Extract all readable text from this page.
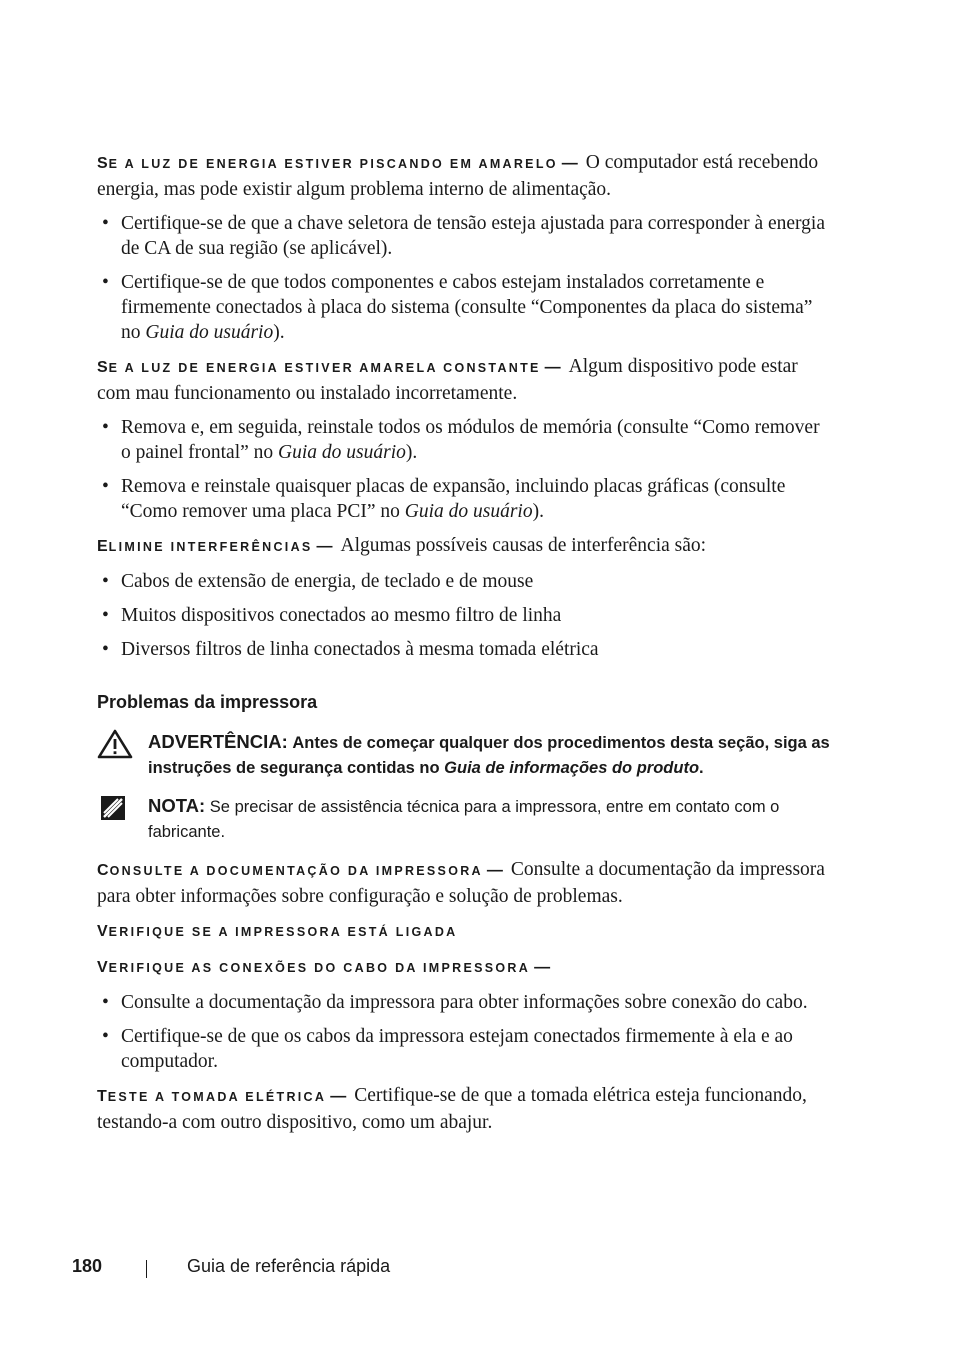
SE A LUZ DE ENERGIA ESTIVER PISCANDO EM AMARELO — O computador está recebendo energia, mas pode existir algum problema interno de alimentação.

• Certifique-se de que a chave seletora de tensão esteja ajustada para corresponder à energia de CA de sua região (se aplicável).
• Certifique-se de que todos componentes e cabos estejam instalados corretamente e firmemente conectados à placa do sistema (consulte “Componentes da placa do sistema” no Guia do usuário).

SE A LUZ DE ENERGIA ESTIVER AMARELA CONSTANTE — Algum dispositivo pode estar com mau funcionamento ou instalado incorretamente.

• Remova e, em seguida, reinstale todos os módulos de memória (consulte “Como remover o painel frontal” no Guia do usuário).
• Remova e reinstale quaisquer placas de expansão, incluindo placas gráficas (consulte “Como remover uma placa PCI” no Guia do usuário).

ELIMINE INTERFERÊNCIAS — Algumas possíveis causas de interferência são:

• Cabos de extensão de energia, de teclado e de mouse
• Muitos dispositivos conectados ao mesmo filtro de linha
• Diversos filtros de linha conectados à mesma tomada elétrica
Problemas da impressora
ADVERTÊNCIA: Antes de começar qualquer dos procedimentos desta seção, siga as instruções de segurança contidas no Guia de informações do produto.
NOTA: Se precisar de assistência técnica para a impressora, entre em contato com o fabricante.

CONSULTE A DOCUMENTAÇÃO DA IMPRESSORA — Consulte a documentação da impressora para obter informações sobre configuração e solução de problemas.

VERIFIQUE SE A IMPRESSORA ESTÁ LIGADA

VERIFIQUE AS CONEXÕES DO CABO DA IMPRESSORA —

• Consulte a documentação da impressora para obter informações sobre conexão do cabo.
• Certifique-se de que os cabos da impressora estejam conectados firmemente à ela e ao computador.

TESTE A TOMADA ELÉTRICA — Certifique-se de que a tomada elétrica esteja funcionando, testando-a com outro dispositivo, como um abajur.

180	Guia de referência rápida
